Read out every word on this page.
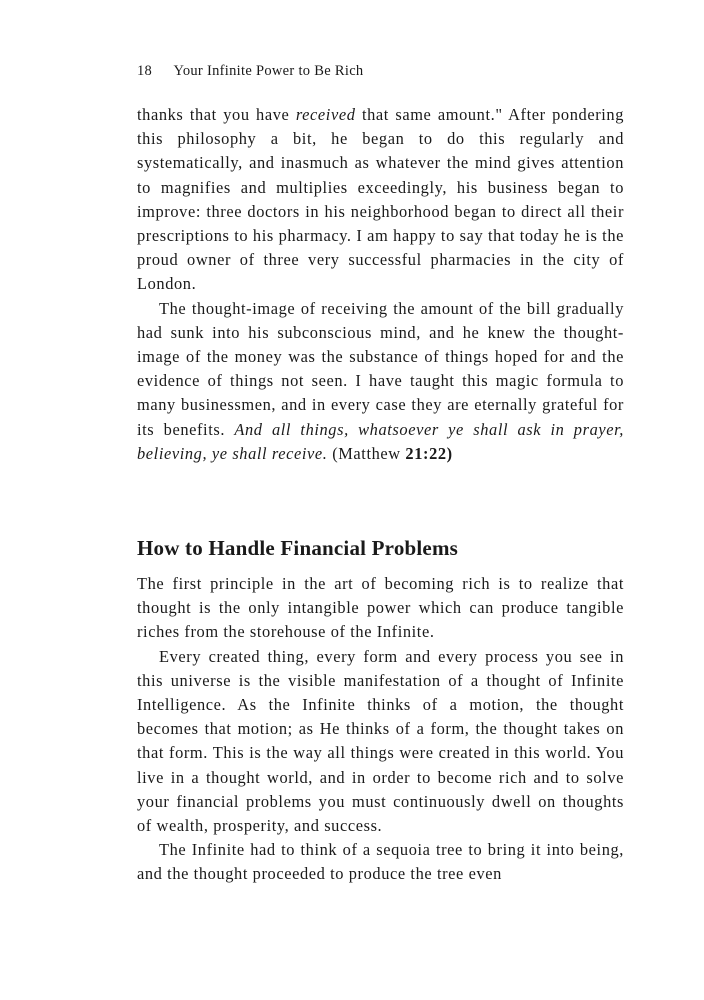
18 Your Infinite Power to Be Rich

thanks that you have received that same amount." After pondering this philosophy a bit, he began to do this regularly and systematically, and inasmuch as whatever the mind gives attention to magnifies and multiplies exceedingly, his business began to improve: three doctors in his neighborhood began to direct all their prescriptions to his pharmacy. I am happy to say that today he is the proud owner of three very successful pharmacies in the city of London.

The thought-image of receiving the amount of the bill gradually had sunk into his subconscious mind, and he knew the thought-image of the money was the substance of things hoped for and the evidence of things not seen. I have taught this magic formula to many businessmen, and in every case they are eternally grateful for its benefits. And all things, whatsoever ye shall ask in prayer, believing, ye shall receive. (Matthew 21:22)

How to Handle Financial Problems

The first principle in the art of becoming rich is to realize that thought is the only intangible power which can produce tangible riches from the storehouse of the Infinite.

Every created thing, every form and every process you see in this universe is the visible manifestation of a thought of Infinite Intelligence. As the Infinite thinks of a motion, the thought becomes that motion; as He thinks of a form, the thought takes on that form. This is the way all things were created in this world. You live in a thought world, and in order to become rich and to solve your financial problems you must continuously dwell on thoughts of wealth, prosperity, and success.

The Infinite had to think of a sequoia tree to bring it into being, and the thought proceeded to produce the tree even
